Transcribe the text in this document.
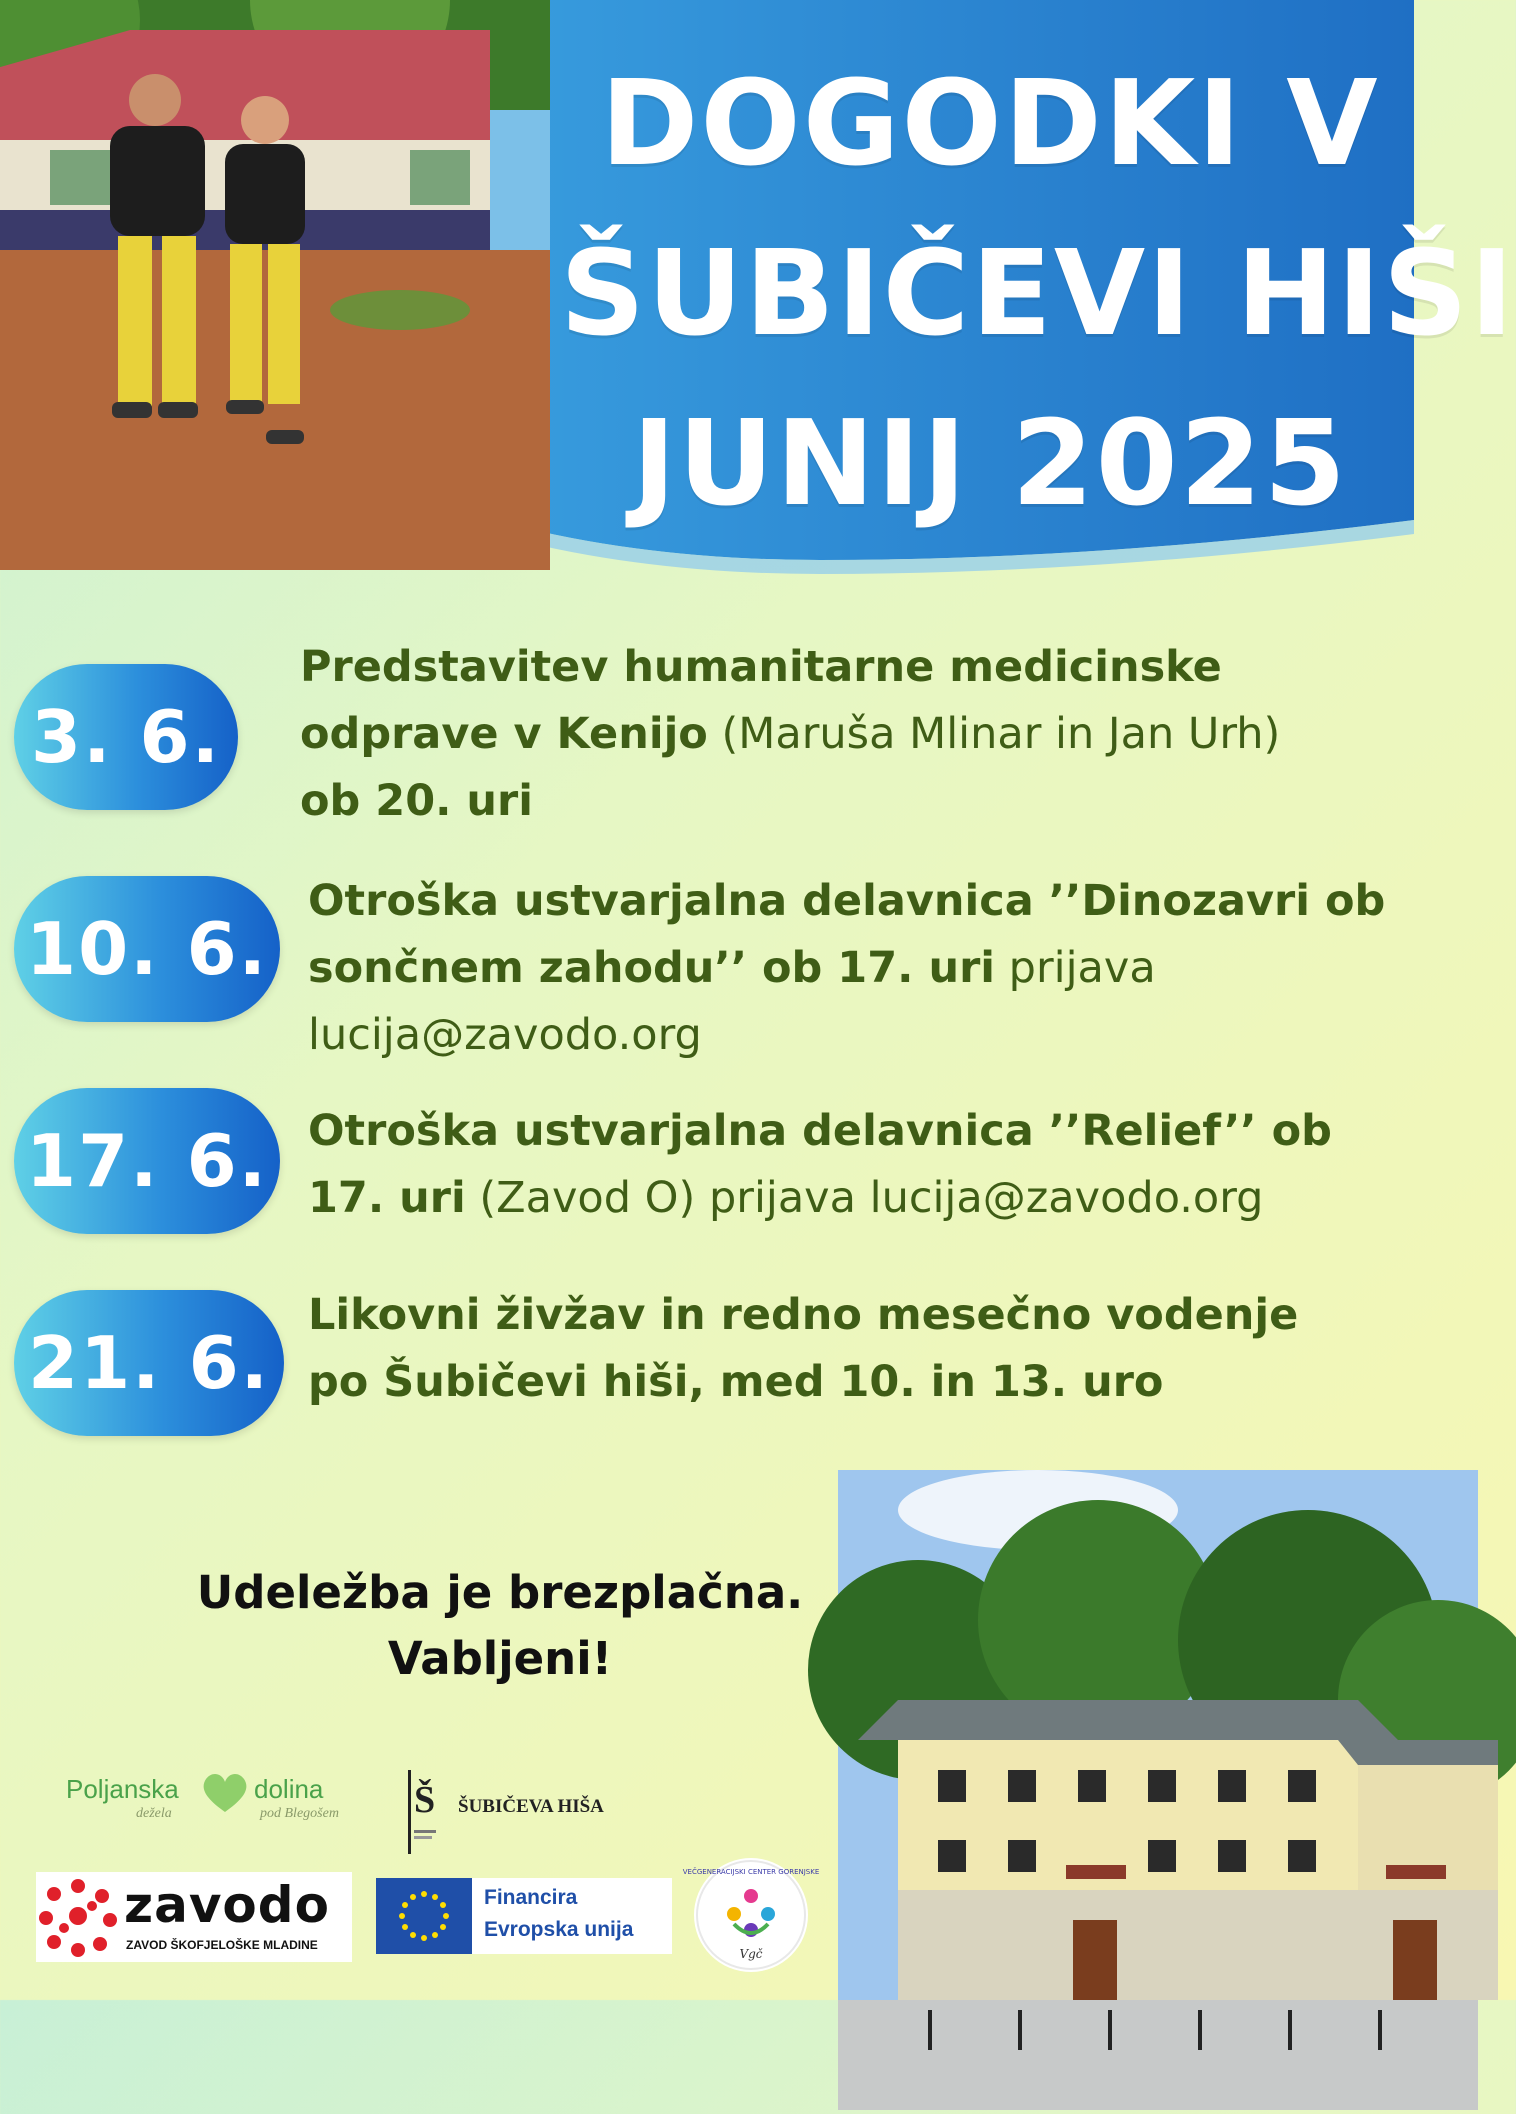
DOGODKI V
ŠUBIČEVI HIŠI
JUNIJ 2025
3. 6.
Predstavitev humanitarne medicinske odprave v Kenijo (Maruša Mlinar in Jan Urh) ob 20. uri
10. 6.
Otroška ustvarjalna delavnica ’’Dinozavri ob sončnem zahodu’’ ob 17. uri prijava lucija@zavodo.org
17. 6. Otroška ustvarjalna delavnica ’’Relief’’ ob 17. uri (Zavod O) prijava lucija@zavodo.org
21. 6.
Likovni živžav in redno mesečno vodenje po Šubičevi hiši, med 10. in 13. uro
Udeležba je brezplačna.
Vabljeni!
Poljanska	dolina
dežela	pod Blegošem Š ŠUBIČEVA HIŠA
zavodo
ZAVOD ŠKOFJELOŠKE MLADINE
Financira
Evropska unija
VEČGENERACIJSKI CENTER GORENJSKE
Vgč
